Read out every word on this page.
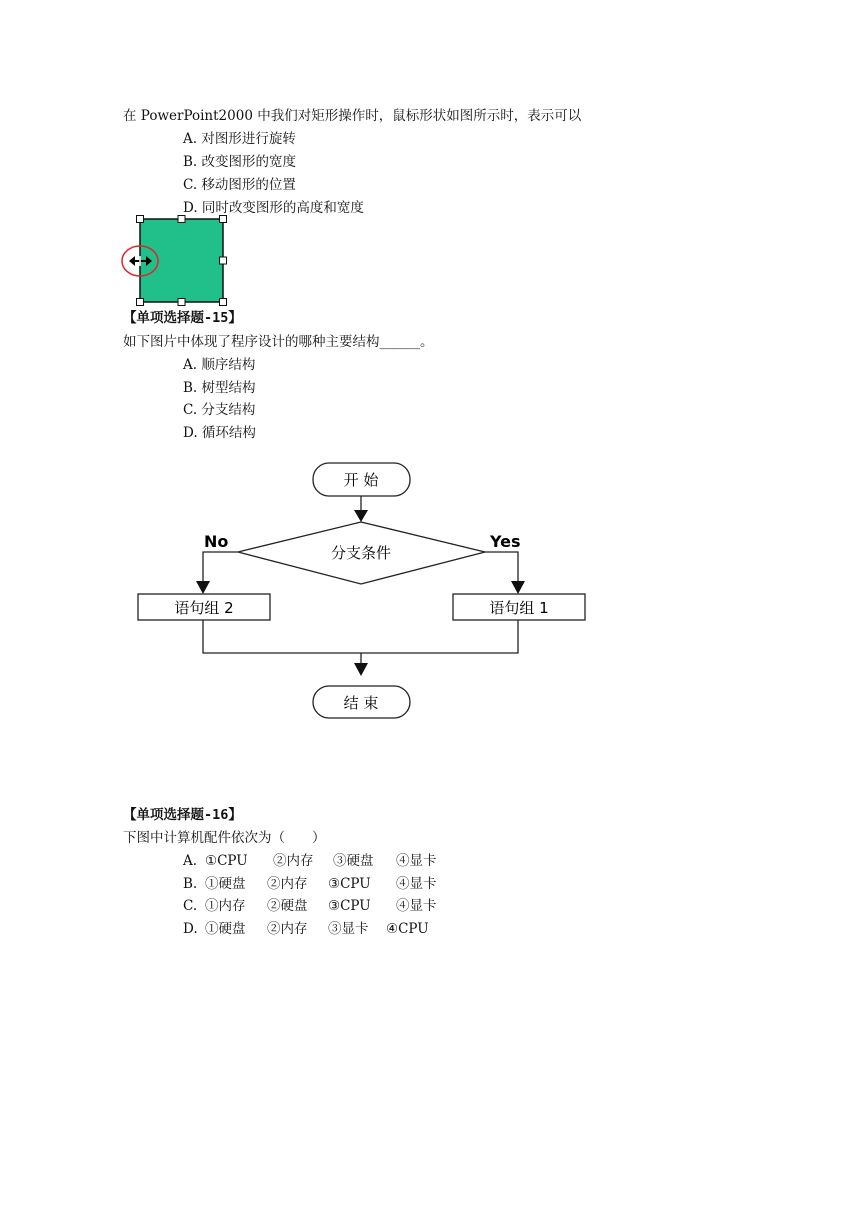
在 PowerPoint2000 中我们对矩形操作时，鼠标形状如图所示时，表示可以
A. 对图形进行旋转
B. 改变图形的宽度
C. 移动图形的位置
D. 同时改变图形的高度和宽度
【单项选择题-15】
如下图片中体现了程序设计的哪种主要结构______。
A. 顺序结构
B. 树型结构
C. 分支结构
D. 循环结构
开 始
分支条件
No	Yes
语句组 2	语句组 1
结 束
【单项选择题-16】
下图中计算机配件依次为（　　）
A. ①CPU ②内存 ③硬盘 ④显卡
B. ①硬盘 ②内存 ③CPU ④显卡
C. ①内存 ②硬盘 ③CPU ④显卡
D. ①硬盘 ②内存 ③显卡 ④CPU
